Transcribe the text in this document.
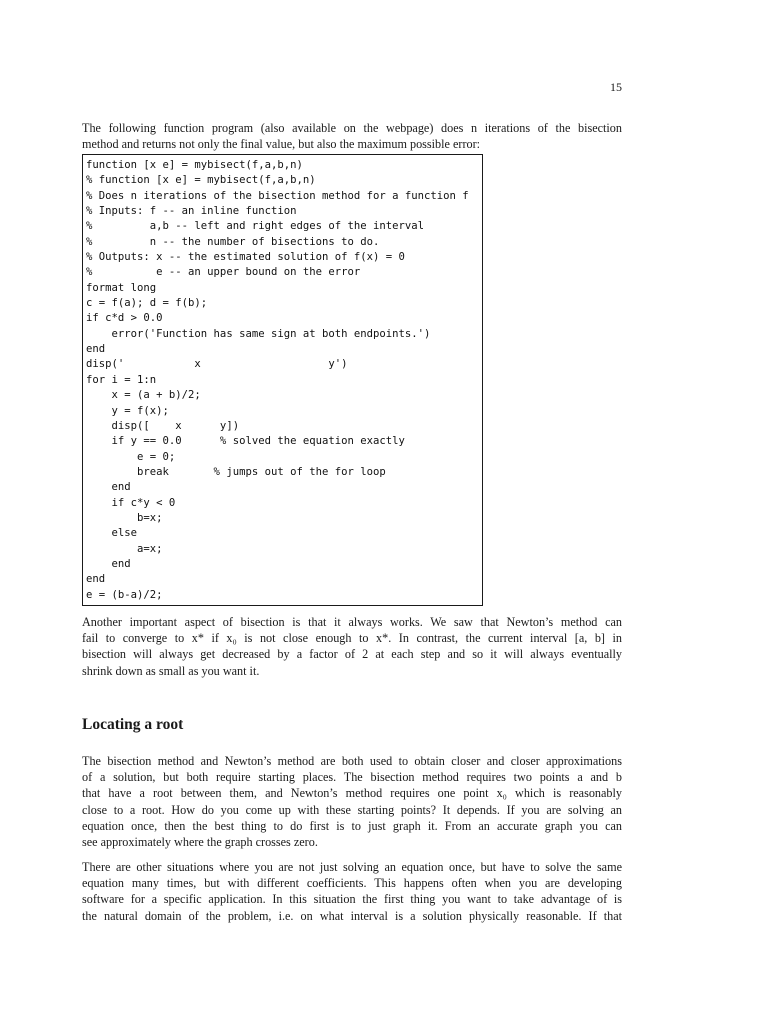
15

The following function program (also available on the webpage) does n iterations of the bisection
method and returns not only the final value, but also the maximum possible error:

function [x e] = mybisect(f,a,b,n)
% function [x e] = mybisect(f,a,b,n)
% Does n iterations of the bisection method for a function f
% Inputs: f -- an inline function
%         a,b -- left and right edges of the interval
%         n -- the number of bisections to do.
% Outputs: x -- the estimated solution of f(x) = 0
%          e -- an upper bound on the error
format long
c = f(a); d = f(b);
if c*d > 0.0
error('Function has same sign at both endpoints.')
end
disp('           x                    y')
for i = 1:n
x = (a + b)/2;
y = f(x);
disp([    x      y])
if y == 0.0      % solved the equation exactly
e = 0;
break       % jumps out of the for loop
end
if c*y < 0
b=x;
else
a=x;
end
end
e = (b-a)/2;

Another important aspect of bisection is that it always works. We saw that Newton’s method can
fail to converge to x* if x₀ is not close enough to x*. In contrast, the current interval [a, b] in
bisection will always get decreased by a factor of 2 at each step and so it will always eventually
shrink down as small as you want it.

Locating a root

The bisection method and Newton’s method are both used to obtain closer and closer approximations
of a solution, but both require starting places. The bisection method requires two points a and b
that have a root between them, and Newton’s method requires one point x₀ which is reasonably
close to a root. How do you come up with these starting points? It depends. If you are solving an
equation once, then the best thing to do first is to just graph it. From an accurate graph you can
see approximately where the graph crosses zero.

There are other situations where you are not just solving an equation once, but have to solve the same
equation many times, but with different coefficients. This happens often when you are developing
software for a specific application. In this situation the first thing you want to take advantage of is
the natural domain of the problem, i.e. on what interval is a solution physically reasonable. If that
